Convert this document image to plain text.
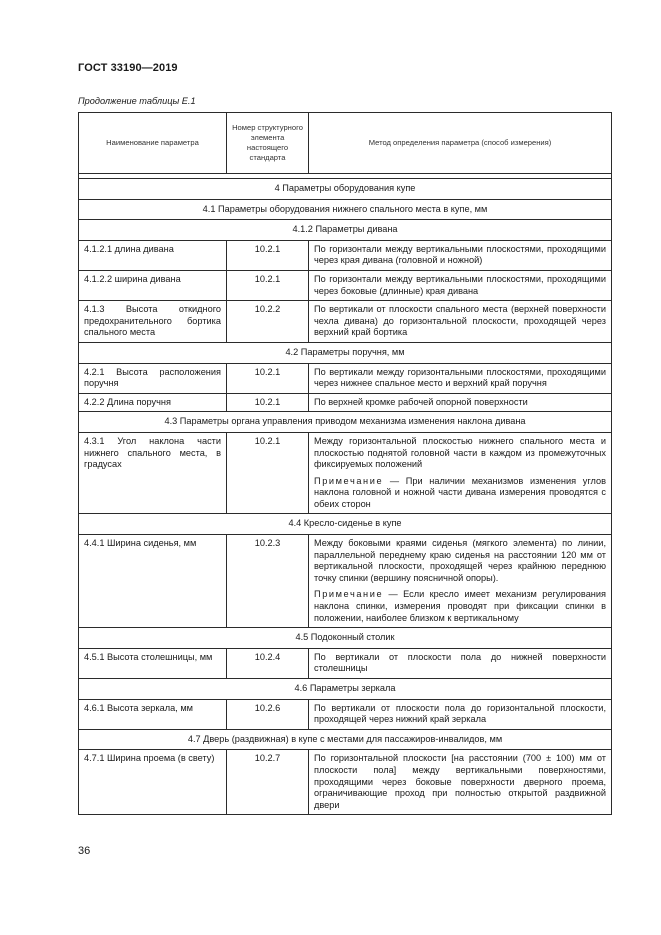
ГОСТ 33190—2019
Продолжение таблицы Е.1
Наименование параметра	Номер структурного элемента настоящего стандарта	Метод определения параметра (способ измерения)

4 Параметры оборудования купе		
4.1 Параметры оборудования нижнего спального места в купе, мм		
4.1.2 Параметры дивана		
4.1.2.1 длина дивана	10.2.1	По горизонтали между вертикальными плоскостями, проходящими через края дивана (головной и ножной)
4.1.2.2 ширина дивана	10.2.1	По горизонтали между вертикальными плоскостями, проходящими через боковые (длинные) края дивана
4.1.3 Высота откидного предохранительного бортика спального места	10.2.2	По вертикали от плоскости спального места (верхней поверхности чехла дивана) до горизонтальной плоскости, проходящей через верхний край бортика
4.2 Параметры поручня, мм		
4.2.1 Высота расположения поручня	10.2.1	По вертикали между горизонтальными плоскостями, проходящими через нижнее спальное место и верхний край поручня
4.2.2 Длина поручня	10.2.1	По верхней кромке рабочей опорной поверхности
4.3 Параметры органа управления приводом механизма изменения наклона дивана		
4.3.1 Угол наклона части нижнего спального места, в градусах	10.2.1	Между горизонтальной плоскостью нижнего спального места и плоскостью поднятой головной части в каждом из промежуточных фиксируемых положений
Примечание — При наличии механизмов изменения углов наклона головной и ножной части дивана измерения проводятся с обеих сторон

4.4 Кресло-сиденье в купе		
4.4.1 Ширина сиденья, мм	10.2.3	Между боковыми краями сиденья (мягкого элемента) по линии, параллельной переднему краю сиденья на расстоянии 120 мм от вертикальной плоскости, проходящей через крайнюю переднюю точку спинки (вершину поясничной опоры).
Примечание — Если кресло имеет механизм регулирования наклона спинки, измерения проводят при фиксации спинки в положении, наиболее близком к вертикальному

4.5 Подоконный столик		
4.5.1 Высота столешницы, мм	10.2.4	По вертикали от плоскости пола до нижней поверхности столешницы
4.6 Параметры зеркала		
4.6.1 Высота зеркала, мм	10.2.6	По вертикали от плоскости пола до горизонтальной плоскости, проходящей через нижний край зеркала
4.7 Дверь (раздвижная) в купе с местами для пассажиров-инвалидов, мм		
4.7.1 Ширина проема (в свету)	10.2.7	По горизонтальной плоскости [на расстоянии (700 ± 100) мм от плоскости пола] между вертикальными поверхностями, проходящими через боковые поверхности дверного проема, ограничивающие проход при полностью открытой раздвижной двери
36
